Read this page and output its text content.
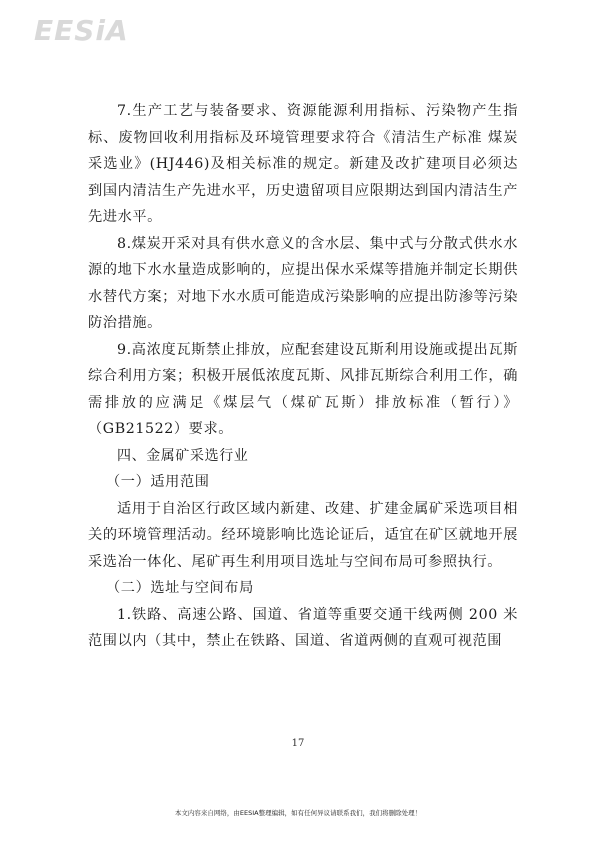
EESiA

7.生产工艺与装备要求、资源能源利用指标、污染物产生指标、废物回收利用指标及环境管理要求符合《清洁生产标准 煤炭采选业》(HJ446)及相关标准的规定。新建及改扩建项目必须达到国内清洁生产先进水平，历史遗留项目应限期达到国内清洁生产先进水平。

8.煤炭开采对具有供水意义的含水层、集中式与分散式供水水源的地下水水量造成影响的，应提出保水采煤等措施并制定长期供水替代方案；对地下水水质可能造成污染影响的应提出防渗等污染防治措施。

9.高浓度瓦斯禁止排放，应配套建设瓦斯利用设施或提出瓦斯综合利用方案；积极开展低浓度瓦斯、风排瓦斯综合利用工作，确需排放的应满足《煤层气（煤矿瓦斯）排放标准（暂行）》（GB21522）要求。

四、金属矿采选行业

（一）适用范围

适用于自治区行政区域内新建、改建、扩建金属矿采选项目相关的环境管理活动。经环境影响比选论证后，适宜在矿区就地开展采选冶一体化、尾矿再生利用项目选址与空间布局可参照执行。

（二）选址与空间布局

1.铁路、高速公路、国道、省道等重要交通干线两侧 200 米范围以内（其中，禁止在铁路、国道、省道两侧的直观可视范围

17
本文内容来自网络，由EESIA整理编辑，如有任何异议请联系我们，我们将删除处理！
